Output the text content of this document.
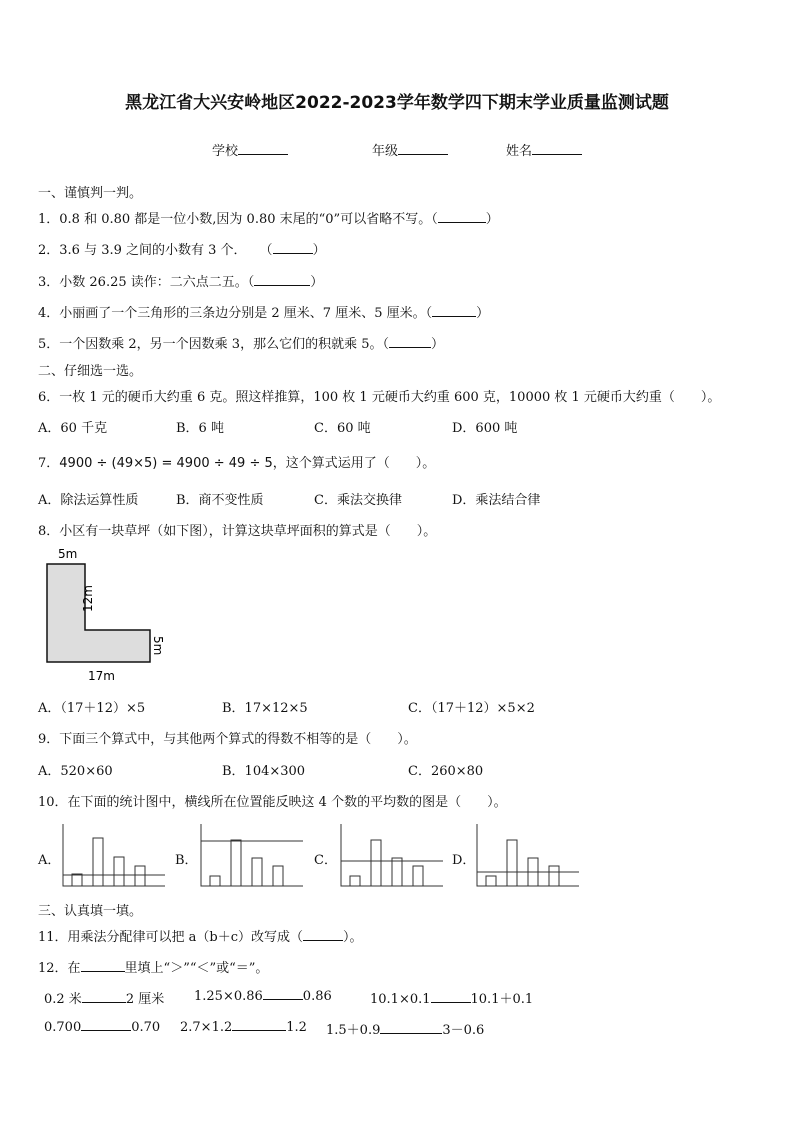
黑龙江省大兴安岭地区2022-2023学年数学四下期末学业质量监测试题
学校	年级	姓名
一、谨慎判一判。
1．0.8 和 0.80 都是一位小数,因为 0.80 末尾的“0”可以省略不写。（	）
2．3.6 与 3.9 之间的小数有 3 个．　　（	）
3．小数 26.25 读作：二六点二五。（	）
4．小丽画了一个三角形的三条边分别是 2 厘米、7 厘米、5 厘米。（	）
5．一个因数乘 2，另一个因数乘 3，那么它们的积就乘 5。（	）
二、仔细选一选。
6．一枚 1 元的硬币大约重 6 克。照这样推算，100 枚 1 元硬币大约重 600 克，10000 枚 1 元硬币大约重（　　）。
A．60 千克	B．6 吨	C．60 吨	D．600 吨
7．4900 ÷ (49×5) = 4900 ÷ 49 ÷ 5，这个算式运用了（　　）。
A．除法运算性质	B．商不变性质	C．乘法交换律	D．乘法结合律
8．小区有一块草坪（如下图），计算这块草坪面积的算式是（　　）。
5m
12m
5m
17m
A．（17＋12）×5	B．17×12×5	C．（17＋12）×5×2
9．下面三个算式中，与其他两个算式的得数不相等的是（　　）。
A．520×60	B．104×300	C．260×80
10．在下面的统计图中，横线所在位置能反映这 4 个数的平均数的图是（　　）。
A．	B．	C．	D．
三、认真填一填。
11．用乘法分配律可以把 a（b＋c）改写成（	）。
12．在	里填上“＞”“＜”或“＝”。
0.2 米	2 厘米 1.25×0.86	0.86	10.1×0.1	10.1＋0.1
0.700	0.70 2.7×1.2	1.2 1.5＋0.9	3－0.6
